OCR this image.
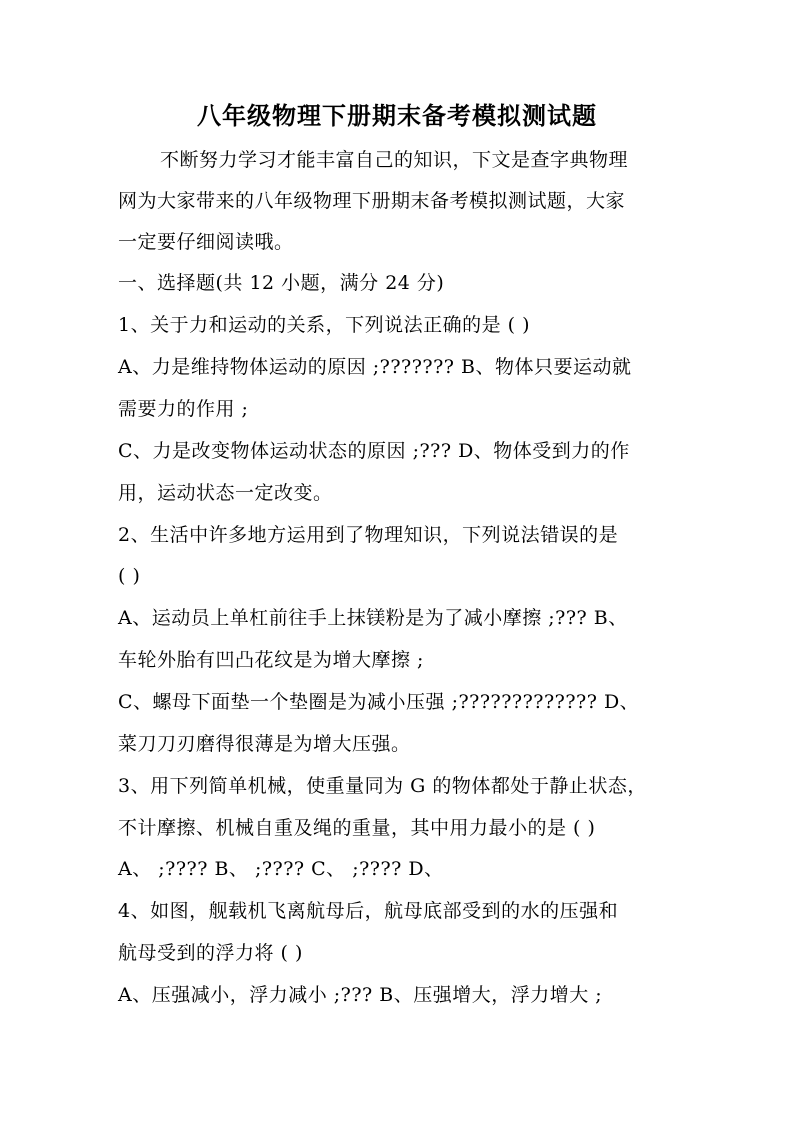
八年级物理下册期末备考模拟测试题
不断努力学习才能丰富自己的知识，下文是查字典物理
网为大家带来的八年级物理下册期末备考模拟测试题，大家
一定要仔细阅读哦。
一、选择题(共 12 小题，满分 24 分)
1、关于力和运动的关系，下列说法正确的是 ( )
A、力是维持物体运动的原因 ;??????? B、物体只要运动就
需要力的作用 ;
C、力是改变物体运动状态的原因 ;??? D、物体受到力的作
用，运动状态一定改变。
2、生活中许多地方运用到了物理知识，下列说法错误的是
( )
A、运动员上单杠前往手上抹镁粉是为了减小摩擦 ;??? B、
车轮外胎有凹凸花纹是为增大摩擦 ;
C、螺母下面垫一个垫圈是为减小压强 ;????????????? D、
菜刀刀刃磨得很薄是为增大压强。
3、用下列简单机械，使重量同为 G 的物体都处于静止状态，
不计摩擦、机械自重及绳的重量，其中用力最小的是 ( )
A、 ;???? B、 ;???? C、 ;???? D、
4、如图，舰载机飞离航母后，航母底部受到的水的压强和
航母受到的浮力将 ( )
A、压强减小，浮力减小 ;??? B、压强增大，浮力增大 ;
